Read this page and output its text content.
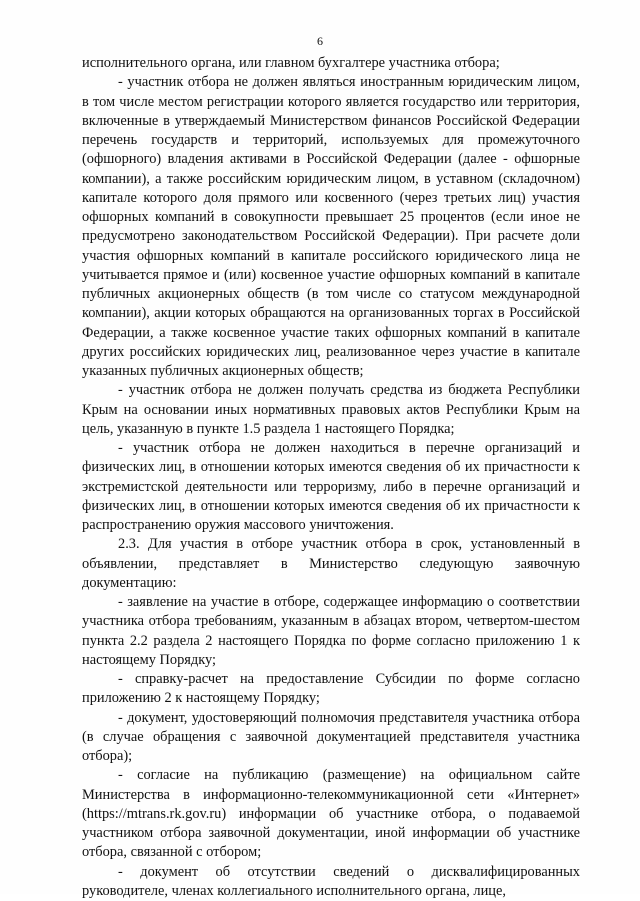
6

исполнительного органа, или главном бухгалтере участника отбора;

- участник отбора не должен являться иностранным юридическим лицом, в том числе местом регистрации которого является государство или территория, включенные в утверждаемый Министерством финансов Российской Федерации перечень государств и территорий, используемых для промежуточного (офшорного) владения активами в Российской Федерации (далее - офшорные компании), а также российским юридическим лицом, в уставном (складочном) капитале которого доля прямого или косвенного (через третьих лиц) участия офшорных компаний в совокупности превышает 25 процентов (если иное не предусмотрено законодательством Российской Федерации). При расчете доли участия офшорных компаний в капитале российского юридического лица не учитывается прямое и (или) косвенное участие офшорных компаний в капитале публичных акционерных обществ (в том числе со статусом международной компании), акции которых обращаются на организованных торгах в Российской Федерации, а также косвенное участие таких офшорных компаний в капитале других российских юридических лиц, реализованное через участие в капитале указанных публичных акционерных обществ;

- участник отбора не должен получать средства из бюджета Республики Крым на основании иных нормативных правовых актов Республики Крым на цель, указанную в пункте 1.5 раздела 1 настоящего Порядка;

- участник отбора не должен находиться в перечне организаций и физических лиц, в отношении которых имеются сведения об их причастности к экстремистской деятельности или терроризму, либо в перечне организаций и физических лиц, в отношении которых имеются сведения об их причастности к распространению оружия массового уничтожения.

2.3. Для участия в отборе участник отбора в срок, установленный в объявлении, представляет в Министерство следующую заявочную документацию:

- заявление на участие в отборе, содержащее информацию о соответствии участника отбора требованиям, указанным в абзацах втором, четвертом-шестом пункта 2.2 раздела 2 настоящего Порядка по форме согласно приложению 1 к настоящему Порядку;

- справку-расчет на предоставление Субсидии по форме согласно приложению 2 к настоящему Порядку;

- документ, удостоверяющий полномочия представителя участника отбора (в случае обращения с заявочной документацией представителя участника отбора);

- согласие на публикацию (размещение) на официальном сайте Министерства в информационно-телекоммуникационной сети «Интернет» (https://mtrans.rk.gov.ru) информации об участнике отбора, о подаваемой участником отбора заявочной документации, иной информации об участнике отбора, связанной с отбором;

- документ об отсутствии сведений о дисквалифицированных руководителе, членах коллегиального исполнительного органа, лице,
